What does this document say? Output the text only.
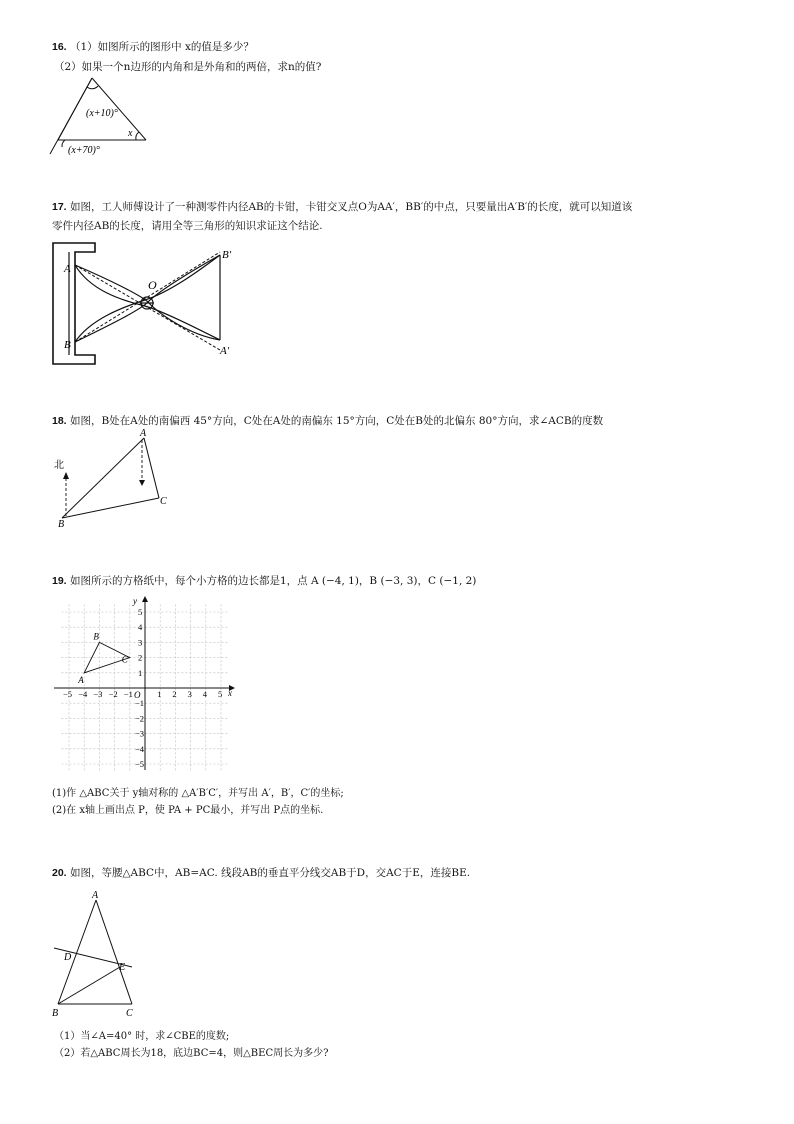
16. （1）如图所示的图形中 x的值是多少？
（2）如果一个n边形的内角和是外角和的两倍，求n的值?
(x+10)°
x
(x+70)°
17. 如图，工人师傅设计了一种测零件内径AB的卡钳，卡钳交叉点O为AA′，BB′的中点，只要量出A′B′的长度，就可以知道该
零件内径AB的长度，请用全等三角形的知识求证这个结论.
A
B
O
B′
A′
18. 如图，B处在A处的南偏西 45°方向，C处在A处的南偏东 15°方向，C处在B处的北偏东 80°方向，求∠ACB的度数
北
A
B
C
19. 如图所示的方格纸中，每个小方格的边长都是1，点 A (−4, 1)，B (−3, 3)，C (−1, 2)
−5 −4 −3 −2 −1	1 2 3 4 5
5
4
3
2
1
−1
−2
−3
−4
−5
x
y
O
A
B
C
(1)作 △ABC关于 y轴对称的 △A′B′C′，并写出 A′，B′，C′的坐标;
(2)在 x轴上画出点 P，使 PA + PC最小，并写出 P点的坐标.
20. 如图，等腰△ABC中，AB=AC. 线段AB的垂直平分线交AB于D，交AC于E，连接BE.
A
B	C
D
E
（1）当∠A=40° 时，求∠CBE的度数;
（2）若△ABC周长为18，底边BC=4，则△BEC周长为多少?
